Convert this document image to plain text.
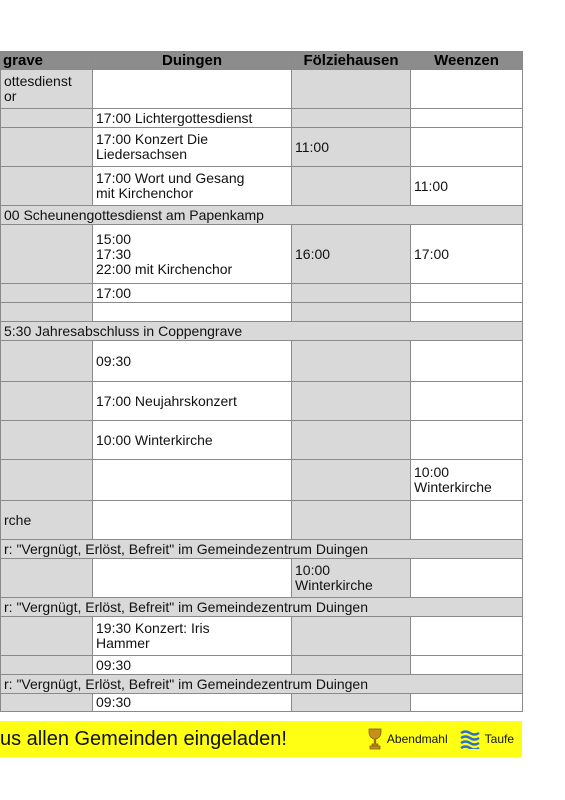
grave	Duingen	Fölziehausen	Weenzen
ottesdienst
or			
	17:00 Lichtergottesdienst		
	17:00 Konzert Die
Liedersachsen	11:00	
	17:00 Wort und Gesang
mit Kirchenchor		11:00
00 Scheunengottesdienst am Papenkamp			
	15:00
17:30
22:00 mit Kirchenchor	16:00	17:00
	17:00		

5:30 Jahresabschluss in Coppengrave			
	09:30		
	17:00 Neujahrskonzert		
	10:00 Winterkirche		
			10:00
Winterkirche
rche			
r: "Vergnügt, Erlöst, Befreit" im Gemeindezentrum Duingen			
		10:00
Winterkirche	
r: "Vergnügt, Erlöst, Befreit" im Gemeindezentrum Duingen			
	19:30 Konzert: Iris
Hammer		
	09:30		
r: "Vergnügt, Erlöst, Befreit" im Gemeindezentrum Duingen			
	09:30		
us allen Gemeinden eingeladen!	Abendmahl	Taufe
